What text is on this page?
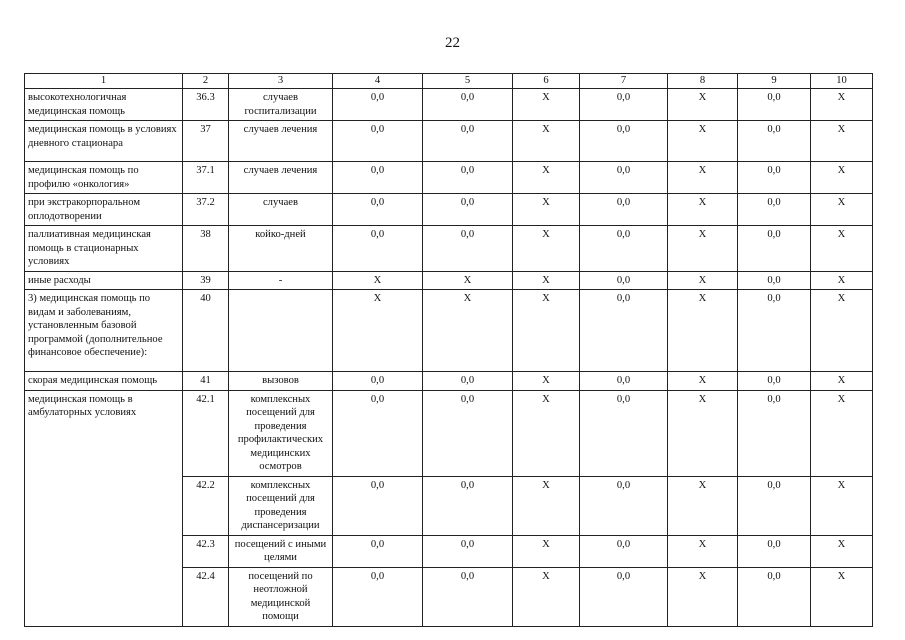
22
1	2	3	4	5	6	7	8	9	10
высокотехнологичная медицинская помощь	36.3	случаев госпитализации	0,0	0,0	Х	0,0	Х	0,0	Х
медицинская помощь в условиях дневного стационара	37	случаев лечения	0,0	0,0	Х	0,0	Х	0,0	Х
медицинская помощь по профилю «онкология»	37.1	случаев лечения	0,0	0,0	Х	0,0	Х	0,0	Х
при экстракорпоральном оплодотворении	37.2	случаев	0,0	0,0	Х	0,0	Х	0,0	Х
паллиативная медицинская помощь в стационарных условиях	38	койко-дней	0,0	0,0	Х	0,0	Х	0,0	Х
иные расходы	39	-	Х	Х	Х	0,0	Х	0,0	Х
3) медицинская помощь по видам и заболеваниям, установленным базовой программой (дополнительное финансовое обеспечение):	40		Х	Х	Х	0,0	Х	0,0	Х
скорая медицинская помощь	41	вызовов	0,0	0,0	Х	0,0	Х	0,0	Х
медицинская помощь в амбулаторных условиях	42.1	комплексных посещений для проведения профилактических медицинских осмотров	0,0	0,0	Х	0,0	Х	0,0	Х
	42.2	комплексных посещений для проведения диспансеризации	0,0	0,0	Х	0,0	Х	0,0	Х
	42.3	посещений с иными целями	0,0	0,0	Х	0,0	Х	0,0	Х
	42.4	посещений по неотложной медицинской помощи	0,0	0,0	Х	0,0	Х	0,0	Х
